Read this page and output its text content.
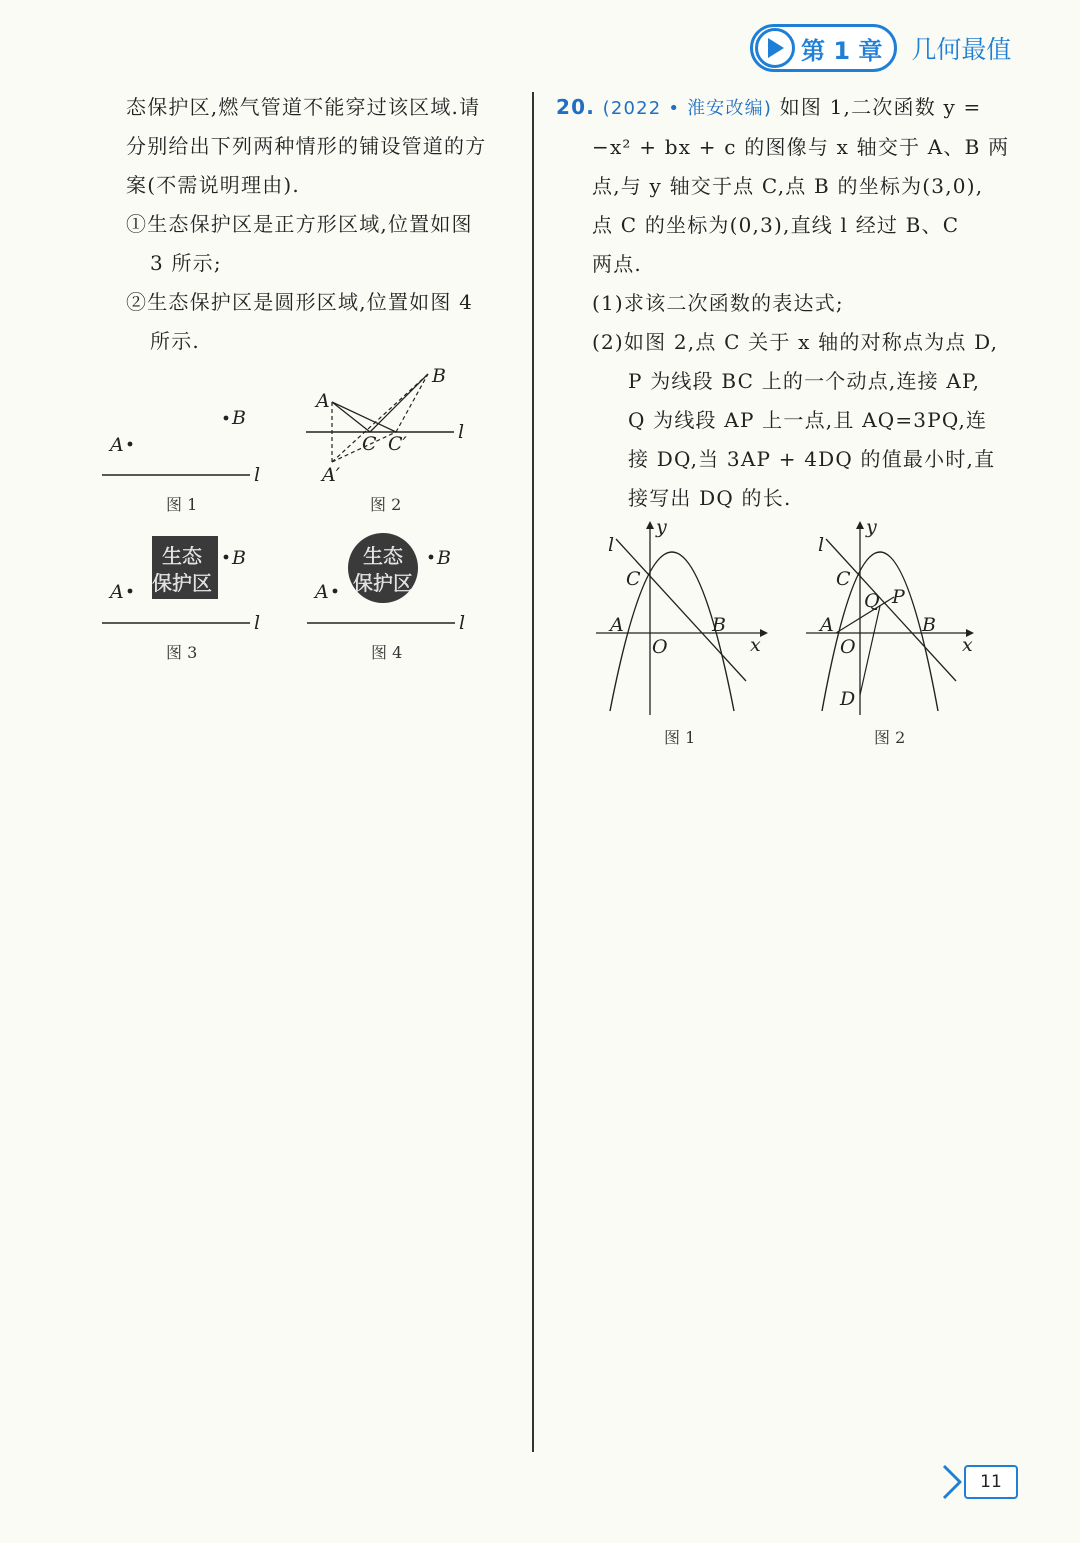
第 1 章 几何最值
态保护区,燃气管道不能穿过该区域.请
分别给出下列两种情形的铺设管道的方
案(不需说明理由).
①生态保护区是正方形区域,位置如图
3 所示;
②生态保护区是圆形区域,位置如图 4
所示.
A
B
l
图 1
l
A
B
C C′
A′
图 2
A
生态
保护区
B
l
图 3
A
生态
保护区
B
l
图 4
20. (2022 • 淮安改编) 如图 1,二次函数 y =
−x² + bx + c 的图像与 x 轴交于 A、B 两
点,与 y 轴交于点 C,点 B 的坐标为(3,0),
点 C 的坐标为(0,3),直线 l 经过 B、C
两点.
(1)求该二次函数的表达式;
(2)如图 2,点 C 关于 x 轴的对称点为点 D,
P 为线段 BC 上的一个动点,连接 AP,
Q 为线段 AP 上一点,且 AQ=3PQ,连
接 DQ,当 3AP + 4DQ 的值最小时,直
接写出 DQ 的长.
x
y
l
C
A
O
B
图 1
x
y
l
C
A
O
B
Q P
D
图 2
11
